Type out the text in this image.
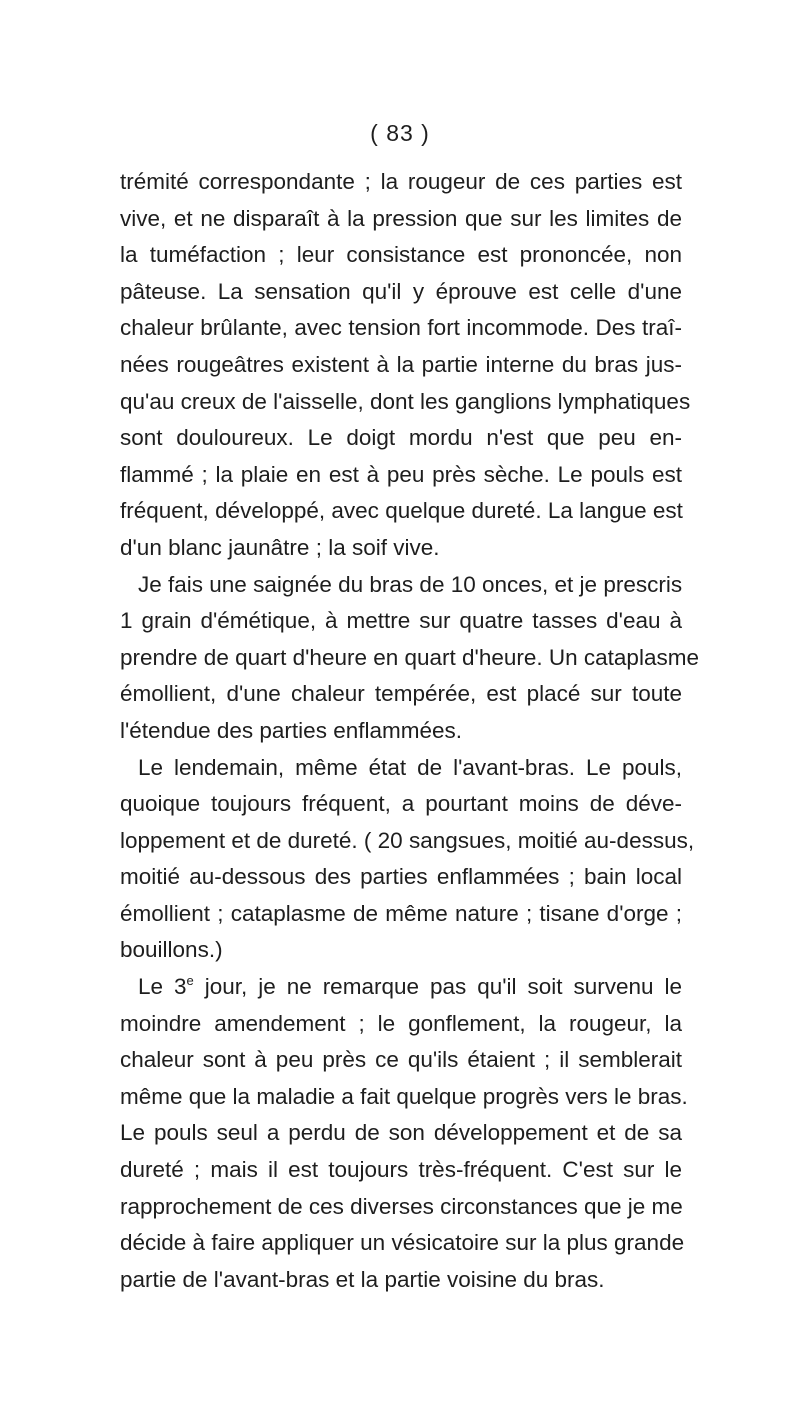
( 83 )
trémité correspondante ; la rougeur de ces parties est
vive, et ne disparaît à la pression que sur les limites de
la tuméfaction ; leur consistance est prononcée, non
pâteuse. La sensation qu'il y éprouve est celle d'une
chaleur brûlante, avec tension fort incommode. Des traî-
nées rougeâtres existent à la partie interne du bras jus-
qu'au creux de l'aisselle, dont les ganglions lymphatiques
sont douloureux. Le doigt mordu n'est que peu en-
flammé ; la plaie en est à peu près sèche. Le pouls est
fréquent, développé, avec quelque dureté. La langue est
d'un blanc jaunâtre ; la soif vive.
Je fais une saignée du bras de 10 onces, et je prescris
1 grain d'émétique, à mettre sur quatre tasses d'eau à
prendre de quart d'heure en quart d'heure. Un cataplasme
émollient, d'une chaleur tempérée, est placé sur toute
l'étendue des parties enflammées.
Le lendemain, même état de l'avant-bras. Le pouls,
quoique toujours fréquent, a pourtant moins de déve-
loppement et de dureté. ( 20 sangsues, moitié au-dessus,
moitié au-dessous des parties enflammées ; bain local
émollient ; cataplasme de même nature ; tisane d'orge ;
bouillons.)
Le 3e jour, je ne remarque pas qu'il soit survenu le
moindre amendement ; le gonflement, la rougeur, la
chaleur sont à peu près ce qu'ils étaient ; il semblerait
même que la maladie a fait quelque progrès vers le bras.
Le pouls seul a perdu de son développement et de sa
dureté ; mais il est toujours très-fréquent. C'est sur le
rapprochement de ces diverses circonstances que je me
décide à faire appliquer un vésicatoire sur la plus grande
partie de l'avant-bras et la partie voisine du bras.
